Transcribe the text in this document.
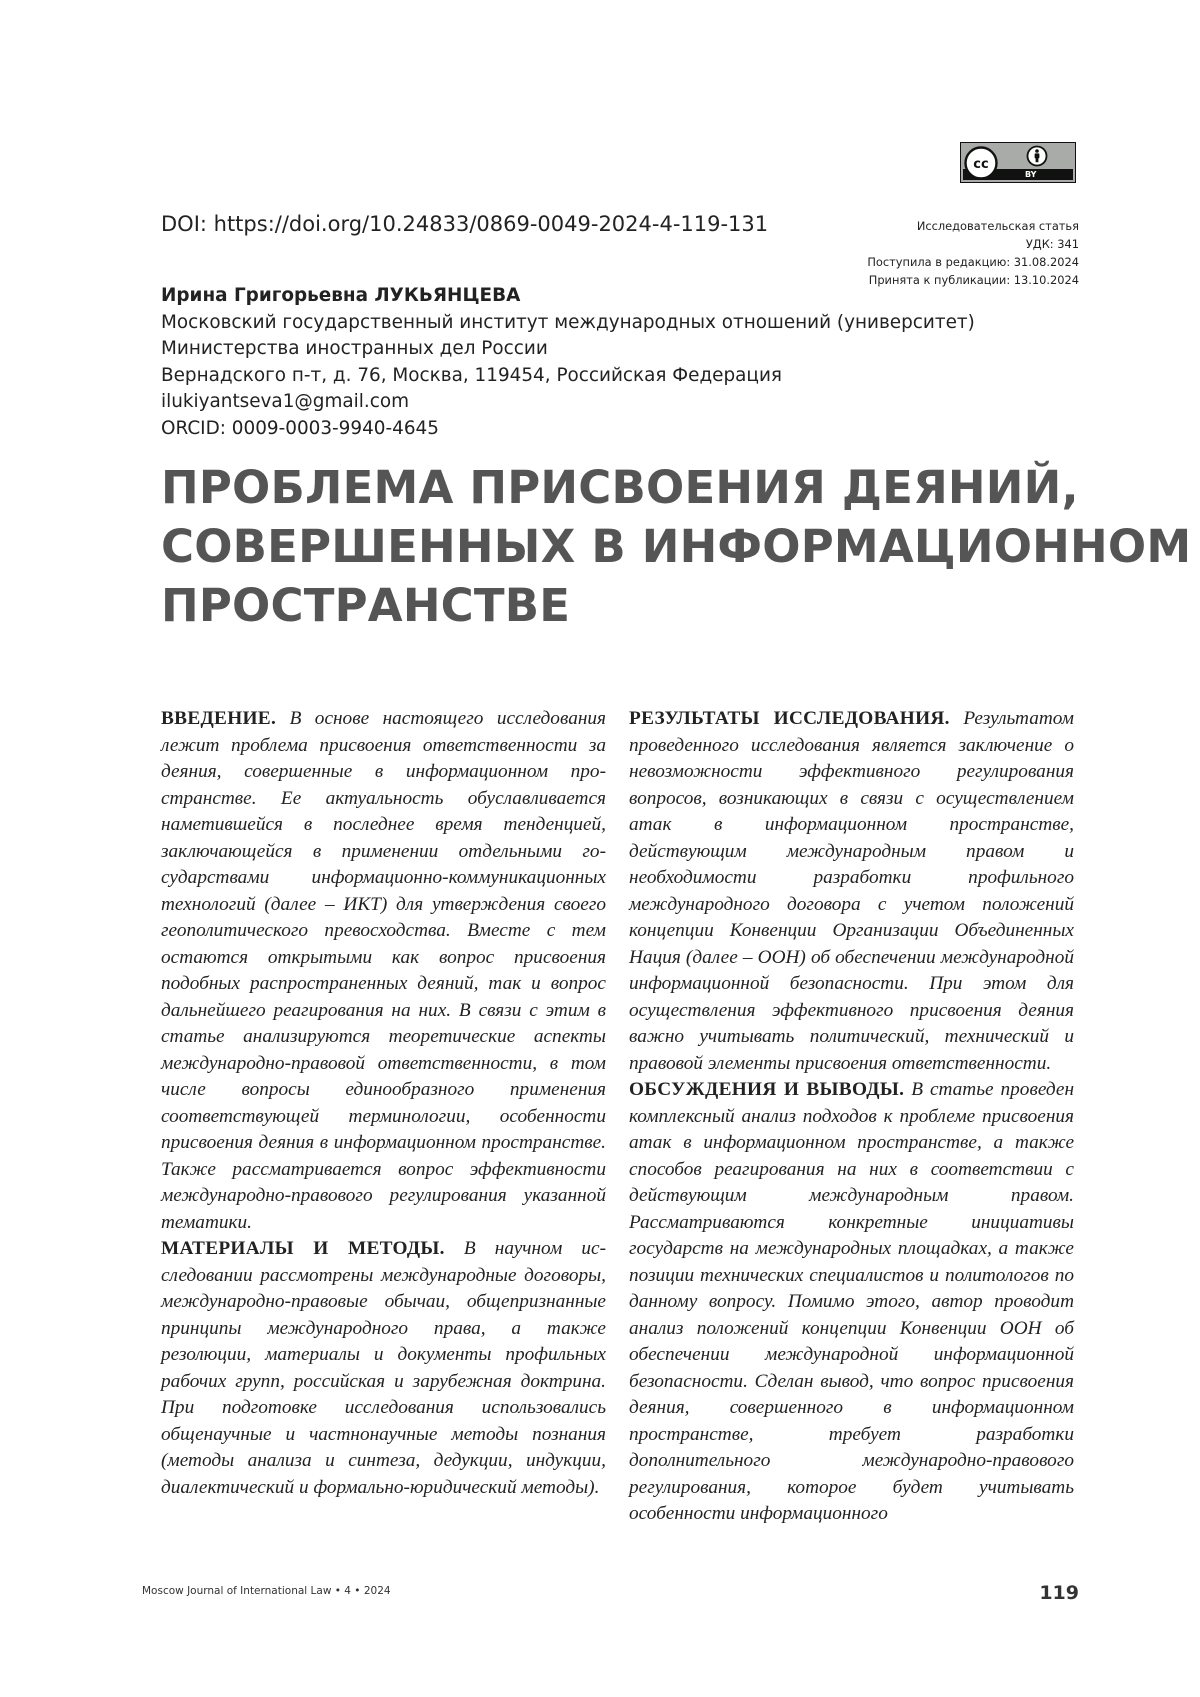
cc
BY
DOI: https://doi.org/10.24833/0869-0049-2024-4-119-131	Исследовательская статья
УДК: 341
Поступила в редакцию: 31.08.2024
Принята к публикации: 13.10.2024
Ирина Григорьевна ЛУКЬЯНЦЕВА
Московский государственный институт международных отношений (университет)
Министерства иностранных дел России
Вернадского п-т, д. 76, Москва, 119454, Российская Федерация
ilukiyantseva1@gmail.com
ORCID: 0009-0003-9940-4645
ПРОБЛЕМА ПРИСВОЕНИЯ ДЕЯНИЙ,
СОВЕРШЕННЫХ В ИНФОРМАЦИОННОМ
ПРОСТРАНСТВЕ

ВВЕДЕНИЕ. В основе настоящего исследования лежит проблема присвоения ответственности за деяния, совершенные в информационном про­странстве. Ее актуальность обуславливается наметившейся в последнее время тенденцией, заключающейся в применении отдельными го­сударствами информационно-коммуникацион­ных технологий (далее – ИКТ) для утверждения своего геополитического превосходства. Вместе с тем остаются открытыми как вопрос при­своения подобных распространенных деяний, так и вопрос дальнейшего реагирования на них. В связи с этим в статье анализируются тео­ретические аспекты международно-правовой ответственности, в том числе вопросы еди­нообразного применения соответствующей терминологии, особенности присвоения деяния в информационном пространстве. Также рас­сматривается вопрос эффективности между­народно-правового регулирования указанной тематики.

МАТЕРИАЛЫ И МЕТОДЫ. В научном ис­следовании рассмотрены международные до­говоры, международно-правовые обычаи, обще­признанные принципы международного права, а также резолюции, материалы и документы профильных рабочих групп, российская и за­рубежная доктрина. При подготовке исследо­вания использовались общенаучные и частно­научные методы познания (методы анализа и синтеза, дедукции, индукции, диалектический и формально-юридический методы).

РЕЗУЛЬТАТЫ ИССЛЕДОВАНИЯ. Резуль­татом проведенного исследования является заключение о невозможности эффективного регулирования вопросов, возникающих в связи с осуществлением атак в информационном про­странстве, действующим международным пра­вом и необходимости разработки профильного международного договора с учетом положений концепции Конвенции Организации Объединен­ных Нация (далее – ООН) об обеспечении между­народной информационной безопасности. При этом для осуществления эффективного присво­ения деяния важно учитывать политический, технический и правовой элементы присвоения ответственности.

ОБСУЖДЕНИЯ И ВЫВОДЫ. В статье про­веден комплексный анализ подходов к проблеме присвоения атак в информационном простран­стве, а также способов реагирования на них в соответствии с действующим международ­ным правом. Рассматриваются конкретные инициативы государств на международных площадках, а также позиции технических спе­циалистов и политологов по данному вопросу. Помимо этого, автор проводит анализ положе­ний концепции Конвенции ООН об обеспечении международной информационной безопасности. Сделан вывод, что вопрос присвоения деяния, со­вершенного в информационном пространстве, требует разработки дополнительного между­народно-правового регулирования, которое бу­дет учитывать особенности информационного

Moscow Journal of International Law • 4 • 2024	119
